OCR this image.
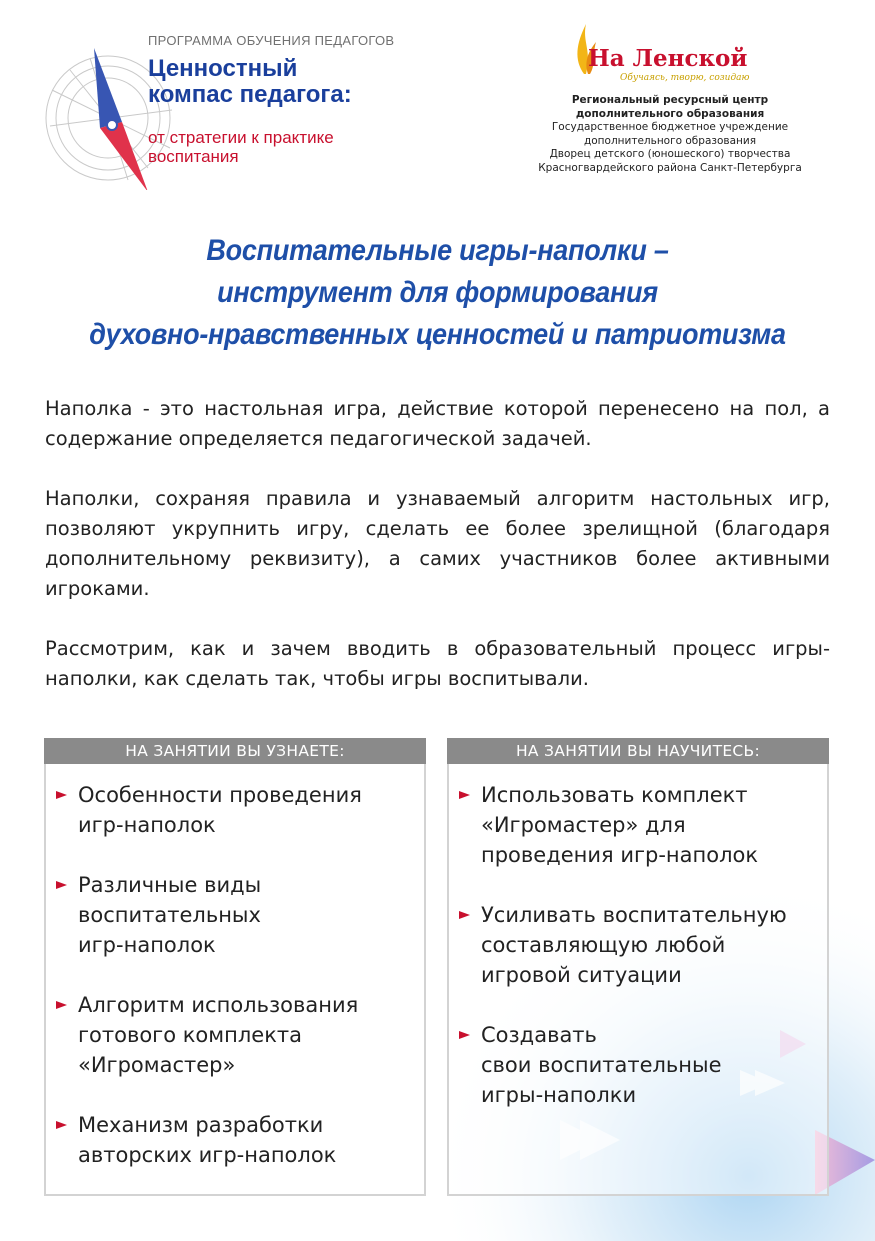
ПРОГРАММА ОБУЧЕНИЯ ПЕДАГОГОВ
Ценностный
компас педагога:
от стратегии к практике
воспитания
На Ленской
Обучаясь, творю, созидаю
Региональный ресурсный центр
дополнительного образования
Государственное бюджетное учреждение
дополнительного образования
Дворец детского (юношеского) творчества
Красногвардейского района Санкт-Петербурга
Воспитательные игры-наполки –
инструмент для формирования
духовно-нравственных ценностей и патриотизма
Наполка - это настольная игра, действие которой перенесено на пол, а содержание определяется педагогической задачей.
Наполки, сохраняя правила и узнаваемый алгоритм настольных игр, позволяют укрупнить игру, сделать ее более зрелищной (благодаря дополнительному реквизиту), а самих участников более активными игроками.
Рассмотрим, как и зачем вводить в образовательный процесс игры-наполки, как сделать так, чтобы игры воспитывали.
НА ЗАНЯТИИ ВЫ УЗНАЕТЕ:
Особенности проведения
игр-наполок
Различные виды
воспитательных
игр-наполок
Алгоритм использования
готового комплекта
«Игромастер»
Механизм разработки
авторских игр-наполок
НА ЗАНЯТИИ ВЫ НАУЧИТЕСЬ:
Использовать комплект
«Игромастер» для
проведения игр-наполок
Усиливать воспитательную
составляющую любой
игровой ситуации
Создавать
свои воспитательные
игры-наполки
